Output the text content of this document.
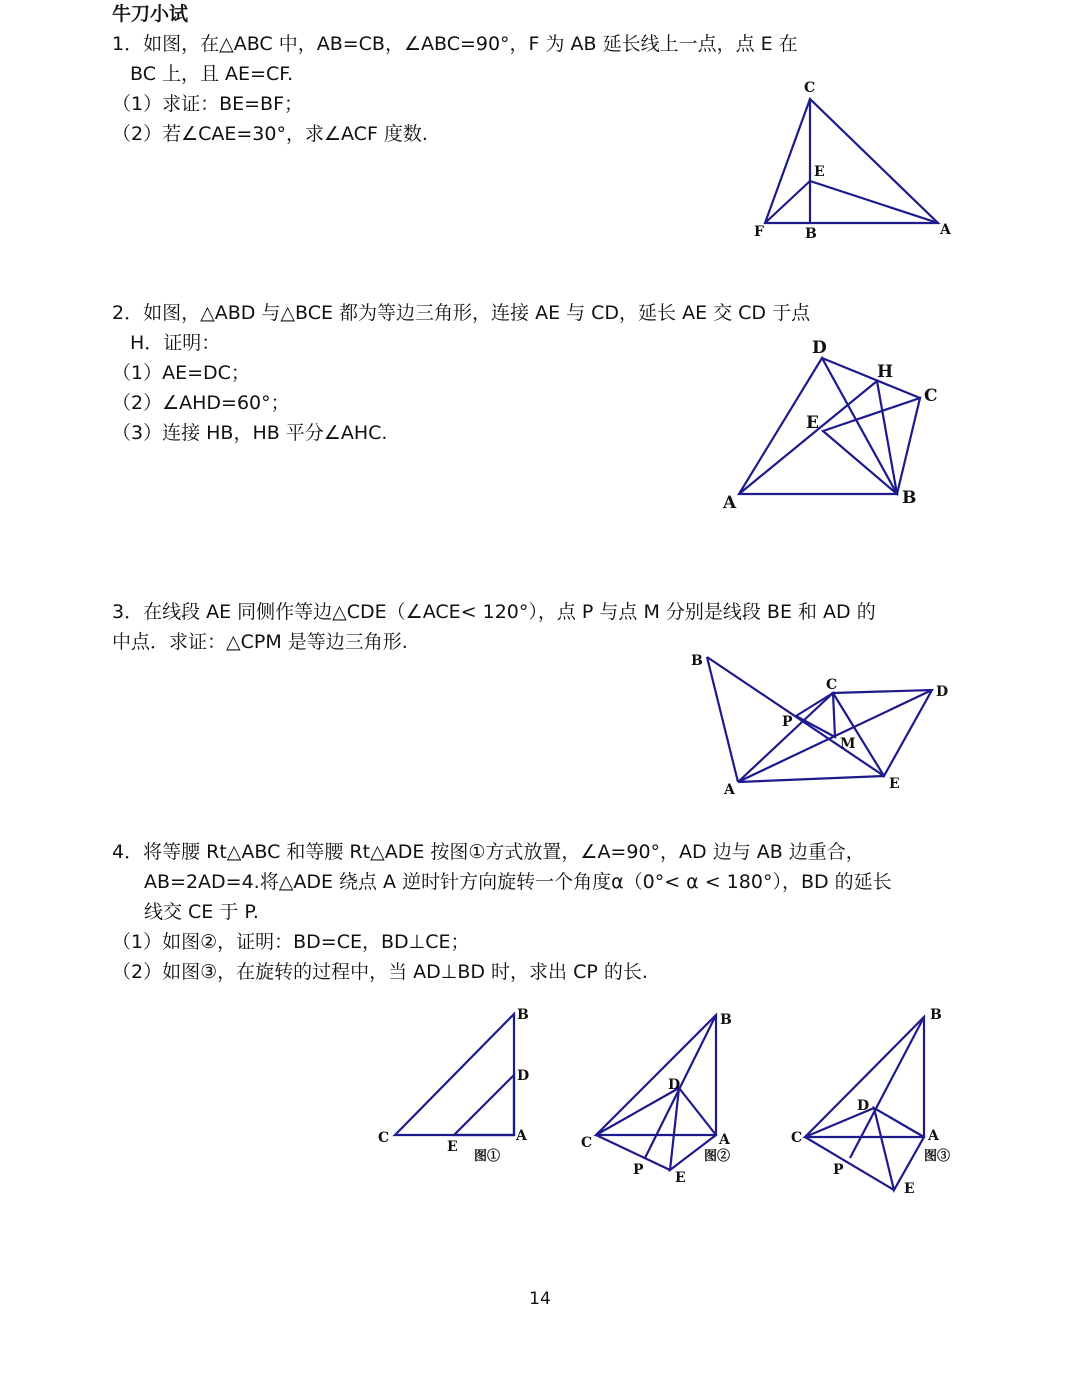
牛刀小试
1．如图，在△ABC 中，AB=CB，∠ABC=90°，F 为 AB 延长线上一点，点 E 在
BC 上，且 AE=CF.
（1）求证：BE=BF；
（2）若∠CAE=30°，求∠ACF 度数.
C
E
F	B	A
2．如图，△ABD 与△BCE 都为等边三角形，连接 AE 与 CD，延长 AE 交 CD 于点
H．证明：
（1）AE=DC；
（2）∠AHD=60°；
（3）连接 HB，HB 平分∠AHC.
D
H
C
E
A	B
3．在线段 AE 同侧作等边△CDE（∠ACE< 120°），点 P 与点 M 分别是线段 BE 和 AD 的
中点．求证：△CPM 是等边三角形.
B
C	D
P
M
A	E
4．将等腰 Rt△ABC 和等腰 Rt△ADE 按图①方式放置，∠A=90°，AD 边与 AB 边重合，
AB=2AD=4.将△ADE 绕点 A 逆时针方向旋转一个角度α（0°< α < 180°），BD 的延长
线交 CE 于 P.
（1）如图②，证明：BD=CE，BD⊥CE；
（2）如图③，在旋转的过程中，当 AD⊥BD 时，求出 CP 的长.
B
D
C
E
A
图①
B
D
C	A
P E
图②
B
D
C	A
P
E
图③
14
